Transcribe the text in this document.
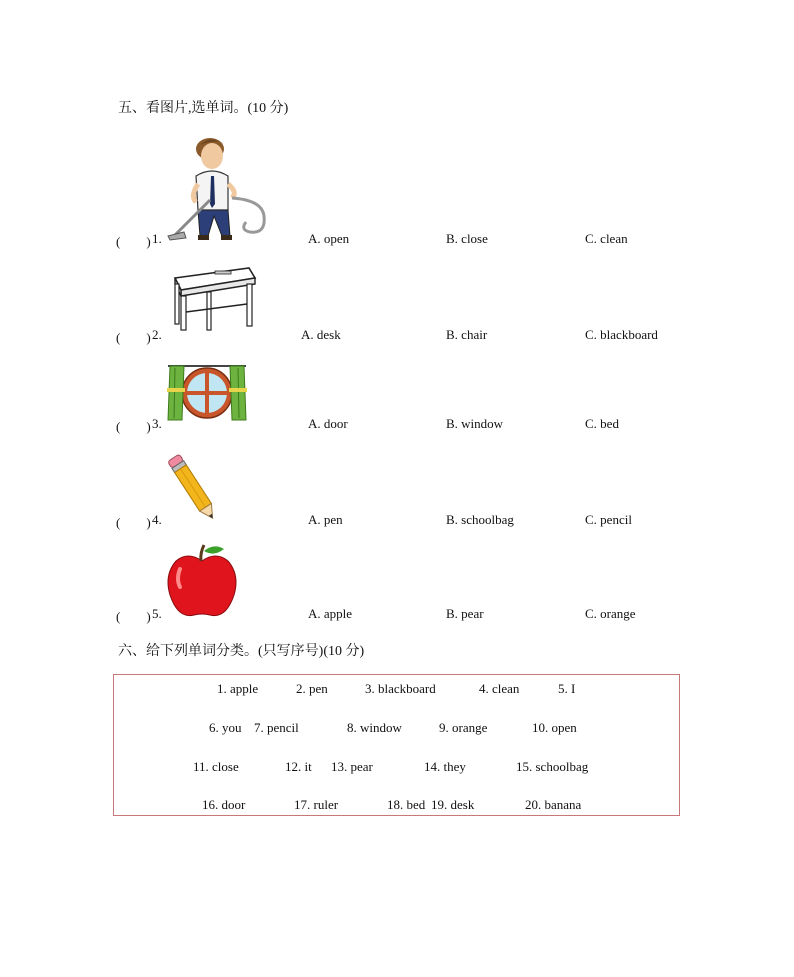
五、看图片,选单词。(10 分)
(　　) 1.	A. open	B. close	C. clean
(　　) 2.	A. desk	B. chair	C. blackboard
(　　) 3.	A. door	B. window	C. bed
(　　) 4.	A. pen	B. schoolbag	C. pencil
(　　) 5.	A. apple	B. pear	C. orange
六、给下列单词分类。(只写序号)(10 分)
1. apple	2. pen	3. blackboard	4. clean	5. I
6. you 7. pencil	8. window	9. orange	10. open
11. close	12. it 13. pear	14. they	15. schoolbag
16. door	17. ruler	18. bed 19. desk	20. banana
